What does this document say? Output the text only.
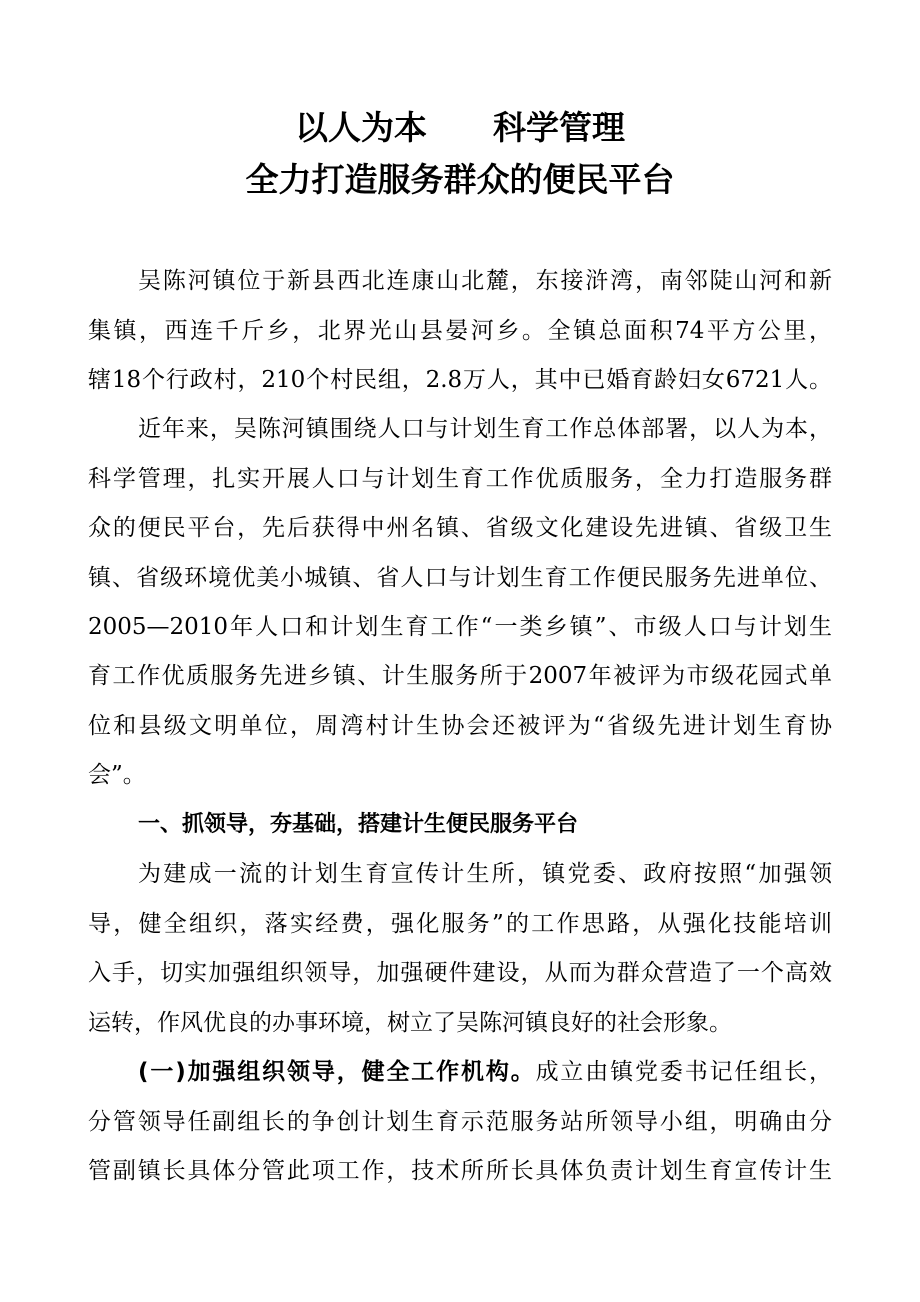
以人为本 科学管理
全力打造服务群众的便民平台
吴陈河镇位于新县西北连康山北麓，东接浒湾，南邻陡山河和新
集镇，西连千斤乡，北界光山县晏河乡。全镇总面积74平方公里，
辖18个行政村，210个村民组，2.8万人，其中已婚育龄妇女6721人。
近年来，吴陈河镇围绕人口与计划生育工作总体部署，以人为本，
科学管理，扎实开展人口与计划生育工作优质服务，全力打造服务群
众的便民平台，先后获得中州名镇、省级文化建设先进镇、省级卫生
镇、省级环境优美小城镇、省人口与计划生育工作便民服务先进单位、
2005—2010年人口和计划生育工作“一类乡镇”、市级人口与计划生
育工作优质服务先进乡镇、计生服务所于2007年被评为市级花园式单
位和县级文明单位，周湾村计生协会还被评为“省级先进计划生育协
会”。
一、抓领导，夯基础，搭建计生便民服务平台
为建成一流的计划生育宣传计生所，镇党委、政府按照“加强领
导，健全组织，落实经费，强化服务”的工作思路，从强化技能培训
入手，切实加强组织领导，加强硬件建设，从而为群众营造了一个高效
运转，作风优良的办事环境，树立了吴陈河镇良好的社会形象。
(一)加强组织领导，健全工作机构。成立由镇党委书记任组长，
分管领导任副组长的争创计划生育示范服务站所领导小组，明确由分
管副镇长具体分管此项工作，技术所所长具体负责计划生育宣传计生
